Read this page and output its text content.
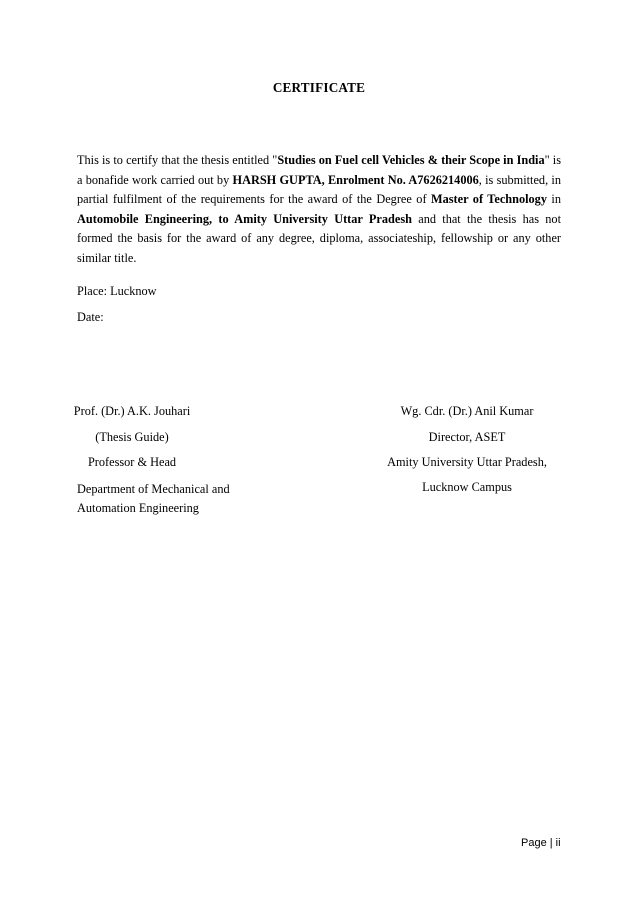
CERTIFICATE
This is to certify that the thesis entitled "Studies on Fuel cell Vehicles & their Scope in India" is a bonafide work carried out by HARSH GUPTA, Enrolment No. A7626214006, is submitted, in partial fulfilment of the requirements for the award of the Degree of Master of Technology in Automobile Engineering, to Amity University Uttar Pradesh and that the thesis has not formed the basis for the award of any degree, diploma, associateship, fellowship or any other similar title.
Place: Lucknow
Date:
Prof. (Dr.) A.K. Jouhari
(Thesis Guide)
Professor & Head
Department of Mechanical and Automation Engineering
Wg. Cdr. (Dr.) Anil Kumar
Director, ASET
Amity University Uttar Pradesh,
Lucknow Campus
Page | ii
